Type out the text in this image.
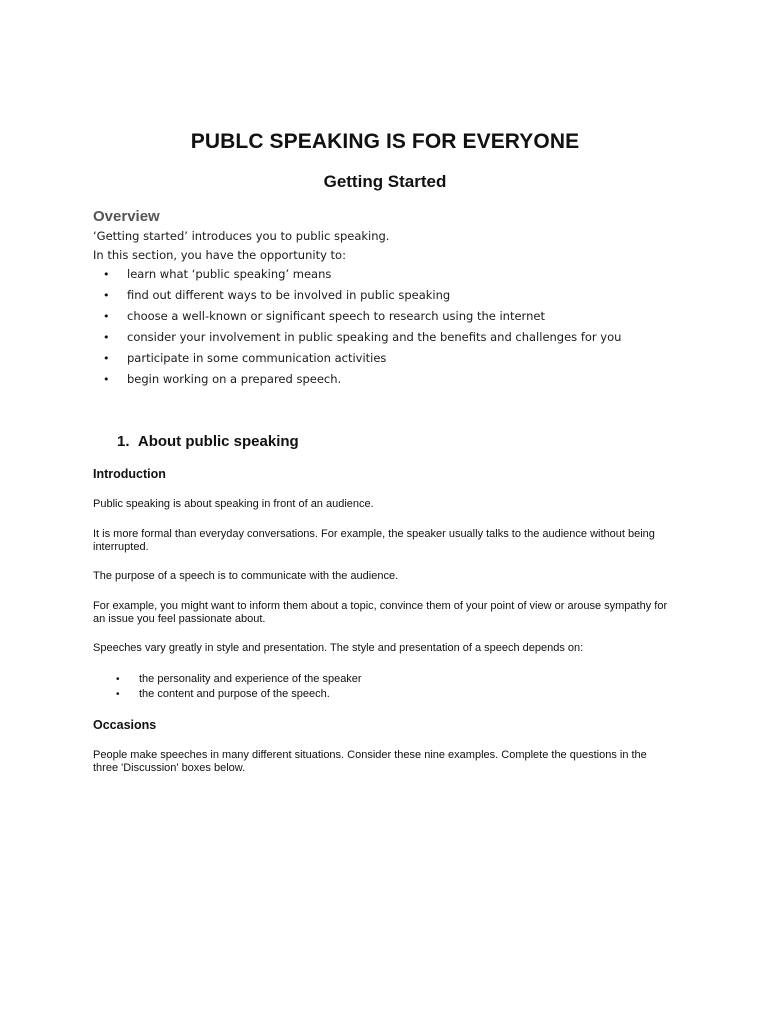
PUBLC SPEAKING IS FOR EVERYONE
Getting Started
Overview
‘Getting started’ introduces you to public speaking.
In this section, you have the opportunity to:
• learn what ‘public speaking’ means
• find out different ways to be involved in public speaking
• choose a well-known or significant speech to research using the internet
• consider your involvement in public speaking and the benefits and challenges for you
• participate in some communication activities
• begin working on a prepared speech.
1. About public speaking
Introduction
Public speaking is about speaking in front of an audience.
It is more formal than everyday conversations. For example, the speaker usually talks to the audience without being interrupted.
The purpose of a speech is to communicate with the audience.
For example, you might want to inform them about a topic, convince them of your point of view or arouse sympathy for an issue you feel passionate about.
Speeches vary greatly in style and presentation. The style and presentation of a speech depends on:
• the personality and experience of the speaker
• the content and purpose of the speech.
Occasions
People make speeches in many different situations. Consider these nine examples. Complete the questions in the three 'Discussion' boxes below.
